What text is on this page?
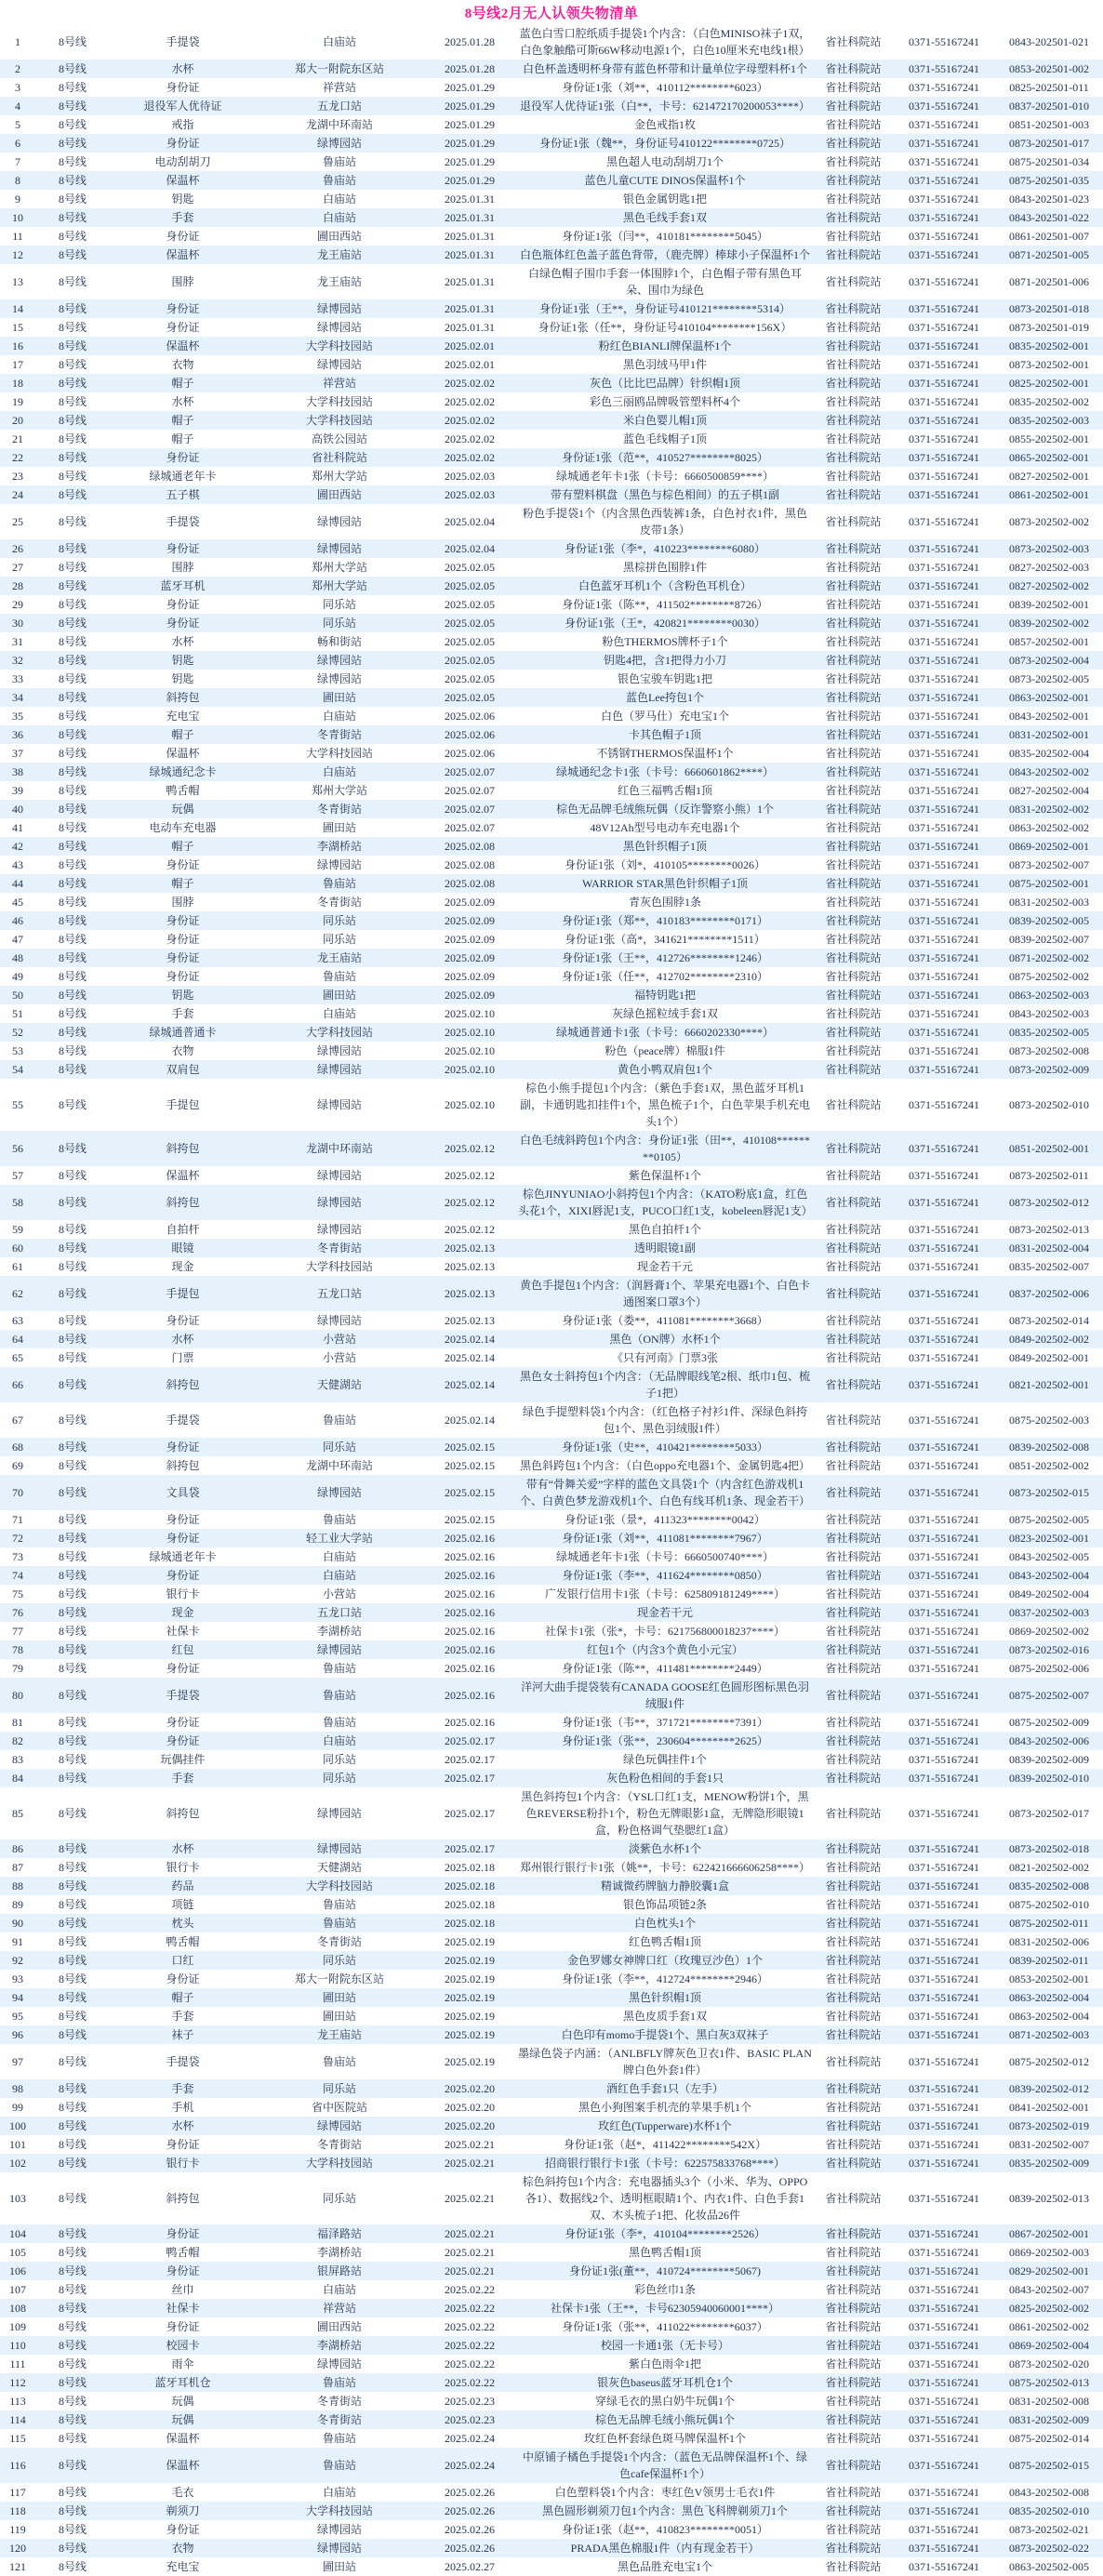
8号线2月无人认领失物清单
1	8号线	手提袋	白庙站	2025.01.28	蓝色白雪口腔纸质手提袋1个内含：（白色MINISO袜子1双，白色象触酷可斯66W移动电源1个，白色10厘米充电线1根）	省社科院站	0371-55167241	0843-202501-021
2	8号线	水杯	郑大一附院东区站	2025.01.28	白色杯盖透明杯身带有蓝色杯带和计量单位字母塑料杯1个	省社科院站	0371-55167241	0853-202501-002
3	8号线	身份证	祥营站	2025.01.29	身份证1张（刘**，410112********6023）	省社科院站	0371-55167241	0825-202501-011
4	8号线	退役军人优待证	五龙口站	2025.01.29	退役军人优待证1张（白**，卡号：621472170200053****）	省社科院站	0371-55167241	0837-202501-010
5	8号线	戒指	龙湖中环南站	2025.01.29	金色戒指1枚	省社科院站	0371-55167241	0851-202501-003
6	8号线	身份证	绿博园站	2025.01.29	身份证1张（魏**，身份证号410122********0725）	省社科院站	0371-55167241	0873-202501-017
7	8号线	电动刮胡刀	鲁庙站	2025.01.29	黑色超人电动刮胡刀1个	省社科院站	0371-55167241	0875-202501-034
8	8号线	保温杯	鲁庙站	2025.01.29	蓝色儿童CUTE DINOS保温杯1个	省社科院站	0371-55167241	0875-202501-035
9	8号线	钥匙	白庙站	2025.01.31	银色金属钥匙1把	省社科院站	0371-55167241	0843-202501-023
10	8号线	手套	白庙站	2025.01.31	黑色毛线手套1双	省社科院站	0371-55167241	0843-202501-022
11	8号线	身份证	圃田西站	2025.01.31	身份证1张（闫**，410181********5045）	省社科院站	0371-55167241	0861-202501-007
12	8号线	保温杯	龙王庙站	2025.01.31	白色瓶体红色盖子蓝色背带，（鹿壳牌）棒球小子保温杯1个	省社科院站	0371-55167241	0871-202501-005
13	8号线	围脖	龙王庙站	2025.01.31	白绿色帽子围巾手套一体围脖1个，白色帽子带有黑色耳朵、围巾为绿色	省社科院站	0371-55167241	0871-202501-006
14	8号线	身份证	绿博园站	2025.01.31	身份证1张（王**，身份证号410121********5314）	省社科院站	0371-55167241	0873-202501-018
15	8号线	身份证	绿博园站	2025.01.31	身份证1张（任**，身份证号410104********156X）	省社科院站	0371-55167241	0873-202501-019
16	8号线	保温杯	大学科技园站	2025.02.01	粉红色BIANLI牌保温杯1个	省社科院站	0371-55167241	0835-202502-001
17	8号线	衣物	绿博园站	2025.02.01	黑色羽绒马甲1件	省社科院站	0371-55167241	0873-202502-001
18	8号线	帽子	祥营站	2025.02.02	灰色（比比巴品牌）针织帽1顶	省社科院站	0371-55167241	0825-202502-001
19	8号线	水杯	大学科技园站	2025.02.02	彩色三丽鸥品牌吸管塑料杯4个	省社科院站	0371-55167241	0835-202502-002
20	8号线	帽子	大学科技园站	2025.02.02	米白色婴儿帽1顶	省社科院站	0371-55167241	0835-202502-003
21	8号线	帽子	高铁公园站	2025.02.02	蓝色毛线帽子1顶	省社科院站	0371-55167241	0855-202502-001
22	8号线	身份证	省社科院站	2025.02.02	身份证1张（范**，410527********8025）	省社科院站	0371-55167241	0865-202502-001
23	8号线	绿城通老年卡	郑州大学站	2025.02.03	绿城通老年卡1张（卡号：6660500859****）	省社科院站	0371-55167241	0827-202502-001
24	8号线	五子棋	圃田西站	2025.02.03	带有塑料棋盘（黑色与棕色相间）的五子棋1副	省社科院站	0371-55167241	0861-202502-001
25	8号线	手提袋	绿博园站	2025.02.04	粉色手提袋1个（内含黑色西装裤1条，白色衬衣1件，黑色皮带1条）	省社科院站	0371-55167241	0873-202502-002
26	8号线	身份证	绿博园站	2025.02.04	身份证1张（李*，410223********6080）	省社科院站	0371-55167241	0873-202502-003
27	8号线	围脖	郑州大学站	2025.02.05	黑棕拼色围脖1件	省社科院站	0371-55167241	0827-202502-003
28	8号线	蓝牙耳机	郑州大学站	2025.02.05	白色蓝牙耳机1个（含粉色耳机仓）	省社科院站	0371-55167241	0827-202502-002
29	8号线	身份证	同乐站	2025.02.05	身份证1张（陈**，411502********8726）	省社科院站	0371-55167241	0839-202502-001
30	8号线	身份证	同乐站	2025.02.05	身份证1张（王*，420821********0030）	省社科院站	0371-55167241	0839-202502-002
31	8号线	水杯	畅和街站	2025.02.05	粉色THERMOS牌杯子1个	省社科院站	0371-55167241	0857-202502-001
32	8号线	钥匙	绿博园站	2025.02.05	钥匙4把，含1把得力小刀	省社科院站	0371-55167241	0873-202502-004
33	8号线	钥匙	绿博园站	2025.02.05	银色宝骏车钥匙1把	省社科院站	0371-55167241	0873-202502-005
34	8号线	斜挎包	圃田站	2025.02.05	蓝色Lee挎包1个	省社科院站	0371-55167241	0863-202502-001
35	8号线	充电宝	白庙站	2025.02.06	白色（罗马仕）充电宝1个	省社科院站	0371-55167241	0843-202502-001
36	8号线	帽子	冬青街站	2025.02.06	卡其色帽子1顶	省社科院站	0371-55167241	0831-202502-001
37	8号线	保温杯	大学科技园站	2025.02.06	不锈钢THERMOS保温杯1个	省社科院站	0371-55167241	0835-202502-004
38	8号线	绿城通纪念卡	白庙站	2025.02.07	绿城通纪念卡1张（卡号：6660601862****）	省社科院站	0371-55167241	0843-202502-002
39	8号线	鸭舌帽	郑州大学站	2025.02.07	红色三福鸭舌帽1顶	省社科院站	0371-55167241	0827-202502-004
40	8号线	玩偶	冬青街站	2025.02.07	棕色无品牌毛绒熊玩偶（反诈警察小熊）1个	省社科院站	0371-55167241	0831-202502-002
41	8号线	电动车充电器	圃田站	2025.02.07	48V12Ah型号电动车充电器1个	省社科院站	0371-55167241	0863-202502-002
42	8号线	帽子	李湖桥站	2025.02.08	黑色针织帽子1顶	省社科院站	0371-55167241	0869-202502-001
43	8号线	身份证	绿博园站	2025.02.08	身份证1张（刘*，410105********0026）	省社科院站	0371-55167241	0873-202502-007
44	8号线	帽子	鲁庙站	2025.02.08	WARRIOR STAR黑色针织帽子1顶	省社科院站	0371-55167241	0875-202502-001
45	8号线	围脖	冬青街站	2025.02.09	青灰色围脖1条	省社科院站	0371-55167241	0831-202502-003
46	8号线	身份证	同乐站	2025.02.09	身份证1张（郑**，410183********0171）	省社科院站	0371-55167241	0839-202502-005
47	8号线	身份证	同乐站	2025.02.09	身份证1张（高*，341621********1511）	省社科院站	0371-55167241	0839-202502-007
48	8号线	身份证	龙王庙站	2025.02.09	身份证1张（王**，412726********1246）	省社科院站	0371-55167241	0871-202502-002
49	8号线	身份证	鲁庙站	2025.02.09	身份证1张（任**，412702********2310）	省社科院站	0371-55167241	0875-202502-002
50	8号线	钥匙	圃田站	2025.02.09	福特钥匙1把	省社科院站	0371-55167241	0863-202502-003
51	8号线	手套	白庙站	2025.02.10	灰绿色摇粒绒手套1双	省社科院站	0371-55167241	0843-202502-003
52	8号线	绿城通普通卡	大学科技园站	2025.02.10	绿城通普通卡1张（卡号：6660202330****）	省社科院站	0371-55167241	0835-202502-005
53	8号线	衣物	绿博园站	2025.02.10	粉色（peace牌）棉服1件	省社科院站	0371-55167241	0873-202502-008
54	8号线	双肩包	绿博园站	2025.02.10	黄色小鸭双肩包1个	省社科院站	0371-55167241	0873-202502-009
55	8号线	手提包	绿博园站	2025.02.10	棕色小熊手提包1个内含：（紫色手套1双，黑色蓝牙耳机1副，卡通钥匙扣挂件1个，黑色梳子1个，白色苹果手机充电头1个）	省社科院站	0371-55167241	0873-202502-010
56	8号线	斜挎包	龙湖中环南站	2025.02.12	白色毛绒斜跨包1个内含：身份证1张（田**，410108********0105）	省社科院站	0371-55167241	0851-202502-001
57	8号线	保温杯	绿博园站	2025.02.12	紫色保温杯1个	省社科院站	0371-55167241	0873-202502-011
58	8号线	斜挎包	绿博园站	2025.02.12	棕色JINYUNIAO小斜挎包1个内含：（KATO粉底1盒，红色头花1个，XIXI唇泥1支，PUCO口红1支，kobeleen唇泥1支）	省社科院站	0371-55167241	0873-202502-012
59	8号线	自拍杆	绿博园站	2025.02.12	黑色自拍杆1个	省社科院站	0371-55167241	0873-202502-013
60	8号线	眼镜	冬青街站	2025.02.13	透明眼镜1副	省社科院站	0371-55167241	0831-202502-004
61	8号线	现金	大学科技园站	2025.02.13	现金若干元	省社科院站	0371-55167241	0835-202502-007
62	8号线	手提包	五龙口站	2025.02.13	黄色手提包1个内含：（润唇膏1个、苹果充电器1个、白色卡通图案口罩3个）	省社科院站	0371-55167241	0837-202502-006
63	8号线	身份证	绿博园站	2025.02.13	身份证1张（娄**，411081********3668）	省社科院站	0371-55167241	0873-202502-014
64	8号线	水杯	小营站	2025.02.14	黑色（ON牌）水杯1个	省社科院站	0371-55167241	0849-202502-002
65	8号线	门票	小营站	2025.02.14	《只有河南》门票3张	省社科院站	0371-55167241	0849-202502-001
66	8号线	斜挎包	天健湖站	2025.02.14	黑色女士斜挎包1个内含：（无品牌眼线笔2根、纸巾1包、梳子1把）	省社科院站	0371-55167241	0821-202502-001
67	8号线	手提袋	鲁庙站	2025.02.14	绿色手提塑料袋1个内含：（红色格子衬衫1件、深绿色斜挎包1个、黑色羽绒服1件）	省社科院站	0371-55167241	0875-202502-003
68	8号线	身份证	同乐站	2025.02.15	身份证1张（史**，410421********5033）	省社科院站	0371-55167241	0839-202502-008
69	8号线	斜挎包	龙湖中环南站	2025.02.15	黑色斜跨包1个内含：（白色oppo充电器1个、金属钥匙4把）	省社科院站	0371-55167241	0851-202502-002
70	8号线	文具袋	绿博园站	2025.02.15	带有“骨舞关爱”字样的蓝色文具袋1个（内含红色游戏机1个、白黄色梦龙游戏机1个、白色有线耳机1条、现金若干）	省社科院站	0371-55167241	0873-202502-015
71	8号线	身份证	鲁庙站	2025.02.15	身份证1张（景*，411323********0042）	省社科院站	0371-55167241	0875-202502-005
72	8号线	身份证	轻工业大学站	2025.02.16	身份证1张（刘**，411081********7967）	省社科院站	0371-55167241	0823-202502-001
73	8号线	绿城通老年卡	白庙站	2025.02.16	绿城通老年卡1张（卡号：6660500740****）	省社科院站	0371-55167241	0843-202502-005
74	8号线	身份证	白庙站	2025.02.16	身份证1张（李**，411624********0850）	省社科院站	0371-55167241	0843-202502-004
75	8号线	银行卡	小营站	2025.02.16	广发银行信用卡1张（卡号：625809181249****）	省社科院站	0371-55167241	0849-202502-004
76	8号线	现金	五龙口站	2025.02.16	现金若干元	省社科院站	0371-55167241	0837-202502-003
77	8号线	社保卡	李湖桥站	2025.02.16	社保卡1张（张*，卡号：621756800018237****）	省社科院站	0371-55167241	0869-202502-002
78	8号线	红包	绿博园站	2025.02.16	红包1个（内含3个黄色小元宝）	省社科院站	0371-55167241	0873-202502-016
79	8号线	身份证	鲁庙站	2025.02.16	身份证1张（陈**，411481********2449）	省社科院站	0371-55167241	0875-202502-006
80	8号线	手提袋	鲁庙站	2025.02.16	洋河大曲手提袋装有CANADA GOOSE红色圆形图标黑色羽绒服1件	省社科院站	0371-55167241	0875-202502-007
81	8号线	身份证	鲁庙站	2025.02.16	身份证1张（韦**，371721********7391）	省社科院站	0371-55167241	0875-202502-009
82	8号线	身份证	白庙站	2025.02.17	身份证1张（张**，230604********2625）	省社科院站	0371-55167241	0843-202502-006
83	8号线	玩偶挂件	同乐站	2025.02.17	绿色玩偶挂件1个	省社科院站	0371-55167241	0839-202502-009
84	8号线	手套	同乐站	2025.02.17	灰色粉色相间的手套1只	省社科院站	0371-55167241	0839-202502-010
85	8号线	斜挎包	绿博园站	2025.02.17	黑色斜挎包1个内含：（YSL口红1支，MENOW粉饼1个，黑色REVERSE粉扑1个，粉色无牌眼影1盒，无牌隐形眼镜1盒，粉色格调气垫腮红1盒）	省社科院站	0371-55167241	0873-202502-017
86	8号线	水杯	绿博园站	2025.02.17	淡紫色水杯1个	省社科院站	0371-55167241	0873-202502-018
87	8号线	银行卡	天健湖站	2025.02.18	郑州银行银行卡1张（姚**，卡号：622421666606258****）	省社科院站	0371-55167241	0821-202502-002
88	8号线	药品	大学科技园站	2025.02.18	精诚微药牌脑力静胶囊1盒	省社科院站	0371-55167241	0835-202502-008
89	8号线	项链	鲁庙站	2025.02.18	银色饰品项链2条	省社科院站	0371-55167241	0875-202502-010
90	8号线	枕头	鲁庙站	2025.02.18	白色枕头1个	省社科院站	0371-55167241	0875-202502-011
91	8号线	鸭舌帽	冬青街站	2025.02.19	红色鸭舌帽1顶	省社科院站	0371-55167241	0831-202502-006
92	8号线	口红	同乐站	2025.02.19	金色罗娜女神牌口红（玫瑰豆沙色）1个	省社科院站	0371-55167241	0839-202502-011
93	8号线	身份证	郑大一附院东区站	2025.02.19	身份证1张（李**，412724********2946）	省社科院站	0371-55167241	0853-202502-001
94	8号线	帽子	圃田站	2025.02.19	黑色针织帽1顶	省社科院站	0371-55167241	0863-202502-004
95	8号线	手套	圃田站	2025.02.19	黑色皮质手套1双	省社科院站	0371-55167241	0863-202502-004
96	8号线	袜子	龙王庙站	2025.02.19	白色印有momo手提袋1个、黑白灰3双袜子	省社科院站	0371-55167241	0871-202502-003
97	8号线	手提袋	鲁庙站	2025.02.19	墨绿色袋子内涵：（ANLBFLY牌灰色卫衣1件、BASIC PLAN牌白色外套1件）	省社科院站	0371-55167241	0875-202502-012
98	8号线	手套	同乐站	2025.02.20	酒红色手套1只（左手）	省社科院站	0371-55167241	0839-202502-012
99	8号线	手机	省中医院站	2025.02.20	黑色小狗图案手机壳的苹果手机1个	省社科院站	0371-55167241	0841-202502-001
100	8号线	水杯	绿博园站	2025.02.20	玫红色(Tupperware)水杯1个	省社科院站	0371-55167241	0873-202502-019
101	8号线	身份证	冬青街站	2025.02.21	身份证1张（赵*，411422********542X）	省社科院站	0371-55167241	0831-202502-007
102	8号线	银行卡	大学科技园站	2025.02.21	招商银行银行卡1张（卡号：622575833768****）	省社科院站	0371-55167241	0835-202502-009
103	8号线	斜挎包	同乐站	2025.02.21	棕色斜挎包1个内含：充电器插头3个（小米、华为、OPPO各1）、数据线2个、透明框眼睛1个、内衣1件、白色手套1双、木头梳子1把、化妆品26件	省社科院站	0371-55167241	0839-202502-013
104	8号线	身份证	福泽路站	2025.02.21	身份证1张（李*，410104********2526）	省社科院站	0371-55167241	0867-202502-001
105	8号线	鸭舌帽	李湖桥站	2025.02.21	黑色鸭舌帽1顶	省社科院站	0371-55167241	0869-202502-003
106	8号线	身份证	银屏路站	2025.02.21	身份证1张(董**，410724********5067)	省社科院站	0371-55167241	0829-202502-001
107	8号线	丝巾	白庙站	2025.02.22	彩色丝巾1条	省社科院站	0371-55167241	0843-202502-007
108	8号线	社保卡	祥营站	2025.02.22	社保卡1张（王**，卡号62305940060001****）	省社科院站	0371-55167241	0825-202502-002
109	8号线	身份证	圃田西站	2025.02.22	身份证1张（张**，411022********6037）	省社科院站	0371-55167241	0861-202502-002
110	8号线	校园卡	李湖桥站	2025.02.22	校园一卡通1张（无卡号）	省社科院站	0371-55167241	0869-202502-004
111	8号线	雨伞	绿博园站	2025.02.22	紫白色雨伞1把	省社科院站	0371-55167241	0873-202502-020
112	8号线	蓝牙耳机仓	鲁庙站	2025.02.22	银灰色baseus蓝牙耳机仓1个	省社科院站	0371-55167241	0875-202502-013
113	8号线	玩偶	冬青街站	2025.02.23	穿绿毛衣的黑白奶牛玩偶1个	省社科院站	0371-55167241	0831-202502-008
114	8号线	玩偶	冬青街站	2025.02.23	棕色无品牌毛绒小熊玩偶1个	省社科院站	0371-55167241	0831-202502-009
115	8号线	保温杯	鲁庙站	2025.02.24	玫红色杯套绿色斑马牌保温杯1个	省社科院站	0371-55167241	0875-202502-014
116	8号线	保温杯	鲁庙站	2025.02.24	中原铺子橘色手提袋1个内含：（蓝色无品牌保温杯1个、绿色cafe保温杯1个）	省社科院站	0371-55167241	0875-202502-015
117	8号线	毛衣	白庙站	2025.02.26	白色塑料袋1个内含：枣红色V领男士毛衣1件	省社科院站	0371-55167241	0843-202502-008
118	8号线	剃须刀	大学科技园站	2025.02.26	黑色圆形剃须刀包1个内含：黑色飞科牌剃须刀1个	省社科院站	0371-55167241	0835-202502-010
119	8号线	身份证	绿博园站	2025.02.26	身份证1张（赵**，410823********0051）	省社科院站	0371-55167241	0873-202502-021
120	8号线	衣物	绿博园站	2025.02.26	PRADA黑色棉服1件（内有现金若干）	省社科院站	0371-55167241	0873-202502-022
121	8号线	充电宝	圃田站	2025.02.27	黑色品胜充电宝1个	省社科院站	0371-55167241	0863-202502-005
